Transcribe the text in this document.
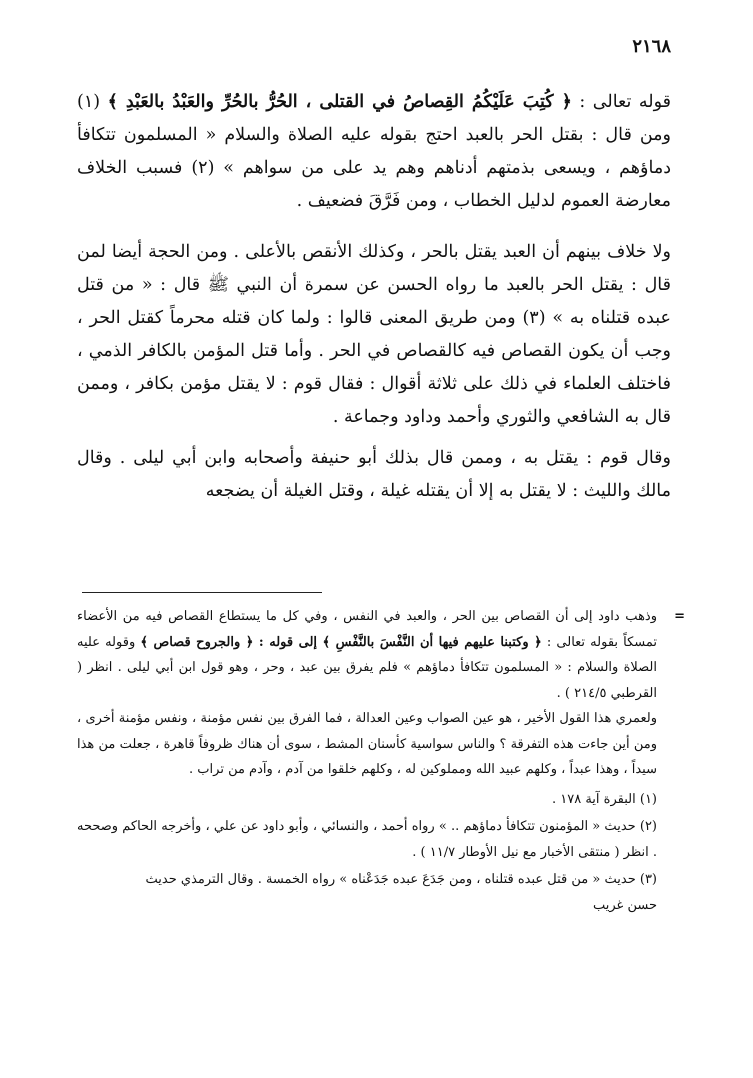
٢١٦٨

قوله تعالى : ﴿ كُتِبَ عَلَيْكُمُ القِصاصُ في القتلى ، الحُرُّ بالحُرِّ والعَبْدُ بالعَبْدِ ﴾ (١) ومن قال : بقتل الحر بالعبد احتج بقوله عليه الصلاة والسلام « المسلمون تتكافأ دماؤهم ، ويسعى بذمتهم أدناهم وهم يد على من سواهم » (٢) فسبب الخلاف معارضة العموم لدليل الخطاب ، ومن فَرَّقَ فضعيف .

ولا خلاف بينهم أن العبد يقتل بالحر ، وكذلك الأنقص بالأعلى . ومن الحجة أيضا لمن قال : يقتل الحر بالعبد ما رواه الحسن عن سمرة أن النبي ﷺ قال : « من قتل عبده قتلناه به » (٣) ومن طريق المعنى قالوا : ولما كان قتله محرماً كقتل الحر ، وجب أن يكون القصاص فيه كالقصاص في الحر . وأما قتل المؤمن بالكافر الذمي ، فاختلف العلماء في ذلك على ثلاثة أقوال : فقال قوم : لا يقتل مؤمن بكافر ، وممن قال به الشافعي والثوري وأحمد وداود وجماعة .

وقال قوم : يقتل به ، وممن قال بذلك أبو حنيفة وأصحابه وابن أبي ليلى . وقال مالك والليث : لا يقتل به إلا أن يقتله غيلة ، وقتل الغيلة أن يضجعه

=
وذهب داود إلى أن القصاص بين الحر ، والعبد في النفس ، وفي كل ما يستطاع القصاص فيه من الأعضاء تمسكاً بقوله تعالى : ﴿ وكتبنا عليهم فيها أن النَّفْسَ بالنَّفْسِ ﴾ إلى قوله : ﴿ والجروح قصاص ﴾ وقوله عليه الصلاة والسلام : « المسلمون تتكافأ دماؤهم » فلم يفرق بين عبد ، وحر ، وهو قول ابن أبي ليلى . انظر ( القرطبي ٢١٤/٥ ) .

ولعمري هذا القول الأخير ، هو عين الصواب وعين العدالة ، فما الفرق بين نفس مؤمنة ، ونفس مؤمنة أخرى ، ومن أين جاءت هذه التفرقة ؟ والناس سواسية كأسنان المشط ، سوى أن هناك ظروفاً قاهرة ، جعلت من هذا سيداً ، وهذا عبداً ، وكلهم عبيد الله ومملوكين له ، وكلهم خلقوا من آدم ، وآدم من تراب .

(١) البقرة آية ١٧٨ .

(٢) حديث « المؤمنون تتكافأ دماؤهم .. » رواه أحمد ، والنسائي ، وأبو داود عن علي ، وأخرجه الحاكم وصححه . انظر ( منتقى الأخبار مع نيل الأوطار ١١/٧ ) .

(٣) حديث « من قتل عبده قتلناه ، ومن جَدَعَ عبده جَدَعْناه » رواه الخمسة . وقال الترمذي حديث
حسن غريب
